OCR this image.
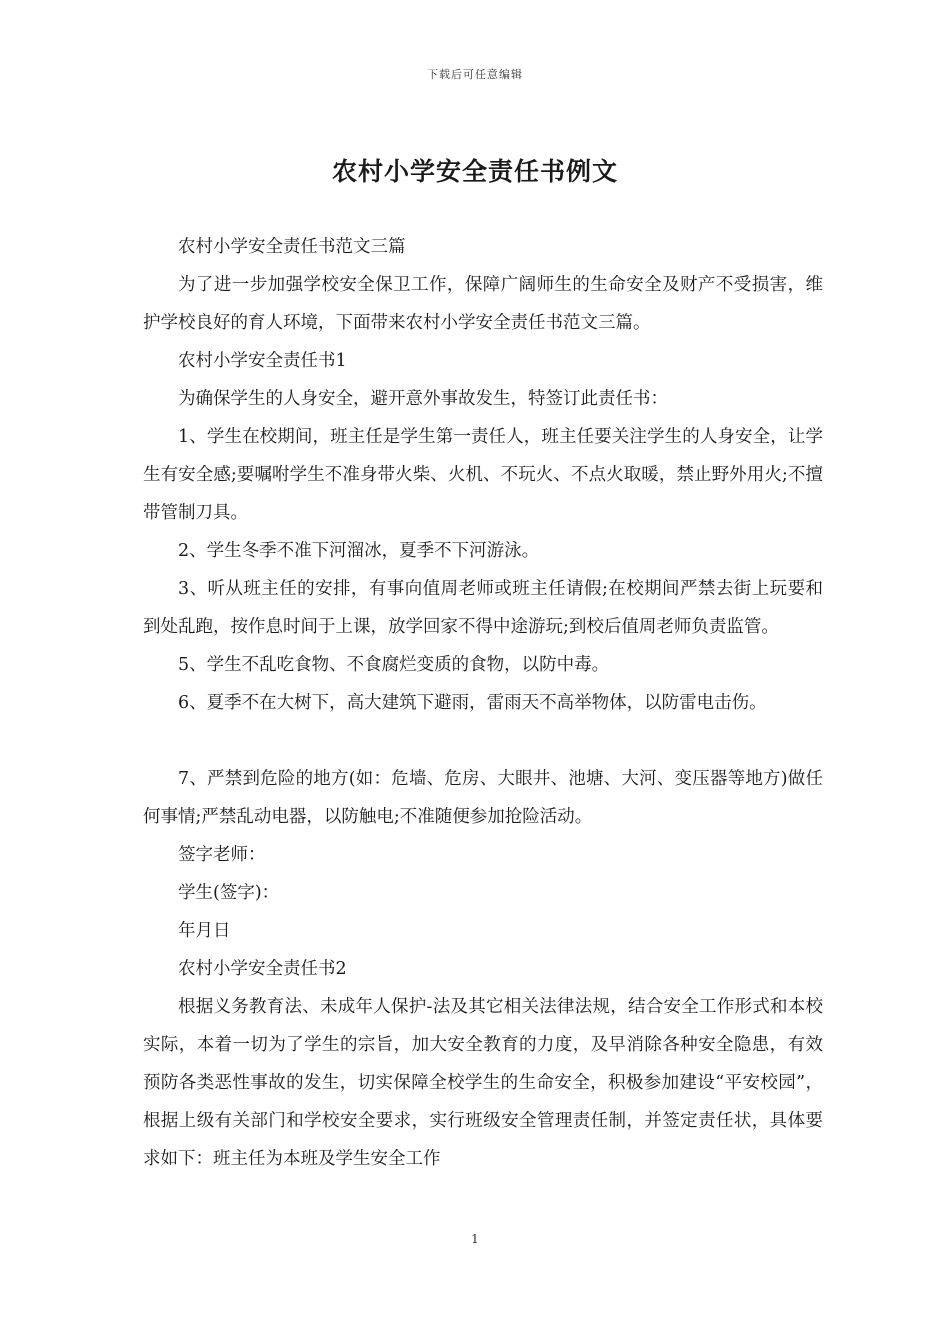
下载后可任意编辑
农村小学安全责任书例文

农村小学安全责任书范文三篇

为了进一步加强学校安全保卫工作，保障广阔师生的生命安全及财产不受损害，维护学校良好的育人环境，下面带来农村小学安全责任书范文三篇。

农村小学安全责任书1

为确保学生的人身安全，避开意外事故发生，特签订此责任书：

1、学生在校期间，班主任是学生第一责任人，班主任要关注学生的人身安全，让学生有安全感;要嘱咐学生不准身带火柴、火机、不玩火、不点火取暖，禁止野外用火;不擅带管制刀具。

2、学生冬季不准下河溜冰，夏季不下河游泳。

3、听从班主任的安排，有事向值周老师或班主任请假;在校期间严禁去街上玩要和到处乱跑，按作息时间于上课，放学回家不得中途游玩;到校后值周老师负责监管。

5、学生不乱吃食物、不食腐烂变质的食物，以防中毒。

6、夏季不在大树下，高大建筑下避雨，雷雨天不高举物体，以防雷电击伤。

7、严禁到危险的地方(如：危墙、危房、大眼井、池塘、大河、变压器等地方)做任何事情;严禁乱动电器，以防触电;不准随便参加抢险活动。

签字老师：

学生(签字)：

年月日

农村小学安全责任书2

根据义务教育法、未成年人保护-法及其它相关法律法规，结合安全工作形式和本校实际，本着一切为了学生的宗旨，加大安全教育的力度，及早消除各种安全隐患，有效预防各类恶性事故的发生，切实保障全校学生的生命安全，积极参加建设“平安校园”，根据上级有关部门和学校安全要求，实行班级安全管理责任制，并签定责任状，具体要求如下：班主任为本班及学生安全工作

1
